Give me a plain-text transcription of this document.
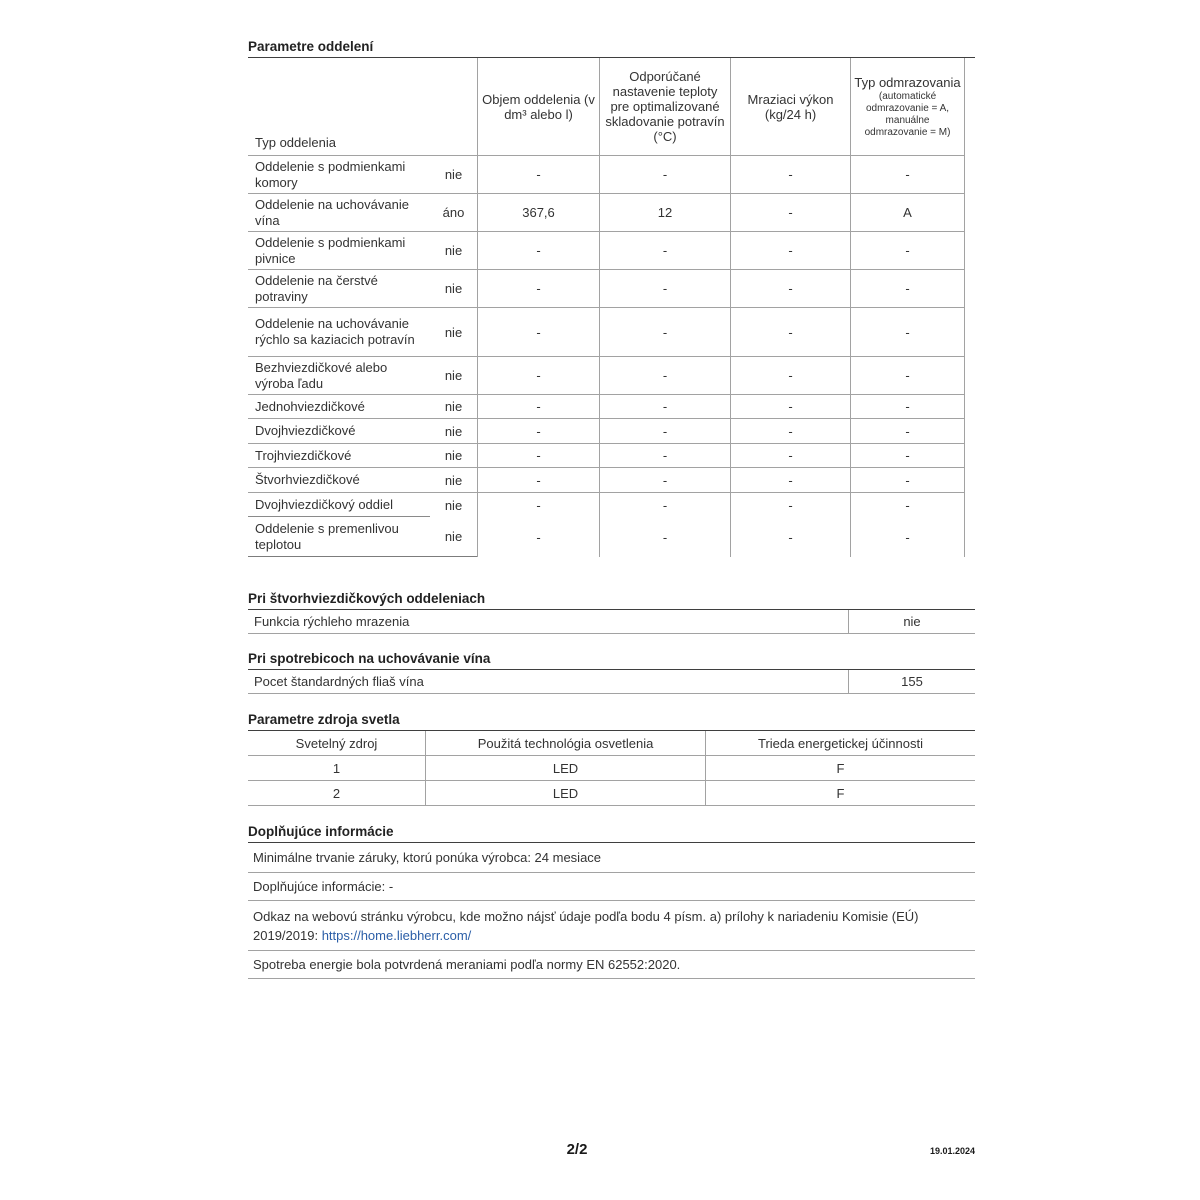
Parametre oddelení
Typ oddelenia		Objem oddelenia (v dm³ alebo l)	Odporúčané nastavenie teploty pre optimalizované skladovanie potravín (°C)	Mraziaci výkon (kg/24 h)	Typ odmrazovania
(automatické odmrazovanie = A, manuálne odmrazovanie = M)

Oddelenie s podmienkami komory	nie	-	-	-	-
Oddelenie na uchovávanie vína	áno	367,6	12	-	A
Oddelenie s podmienkami pivnice	nie	-	-	-	-
Oddelenie na čerstvé potraviny	nie	-	-	-	-
Oddelenie na uchovávanie rýchlo sa kaziacich potravín	nie	-	-	-	-
Bezhviezdičkové alebo výroba ľadu	nie	-	-	-	-
Jednohviezdičkové	nie	-	-	-	-
Dvojhviezdičkové	nie	-	-	-	-
Trojhviezdičkové	nie	-	-	-	-
Štvorhviezdičkové	nie	-	-	-	-
Dvojhviezdičkový oddiel	nie	-	-	-	-
Oddelenie s premenlivou teplotou	nie	-	-	-	-
Pri štvorhviezdičkových oddeleniach
Funkcia rýchleho mrazenia	nie
Pri spotrebicoch na uchovávanie vína
Pocet štandardných fliaš vína	155
Parametre zdroja svetla
Svetelný zdroj	Použitá technológia osvetlenia	Trieda energetickej účinnosti
1	LED	F
2	LED	F
Doplňujúce informácie
Minimálne trvanie záruky, ktorú ponúka výrobca: 24 mesiace
Doplňujúce informácie: -
Odkaz na webovú stránku výrobcu, kde možno nájsť údaje podľa bodu 4 písm. a) prílohy k nariadeniu Komisie (EÚ) 2019/2019: https://home.liebherr.com/
Spotreba energie bola potvrdená meraniami podľa normy EN 62552:2020.
2/2	19.01.2024
